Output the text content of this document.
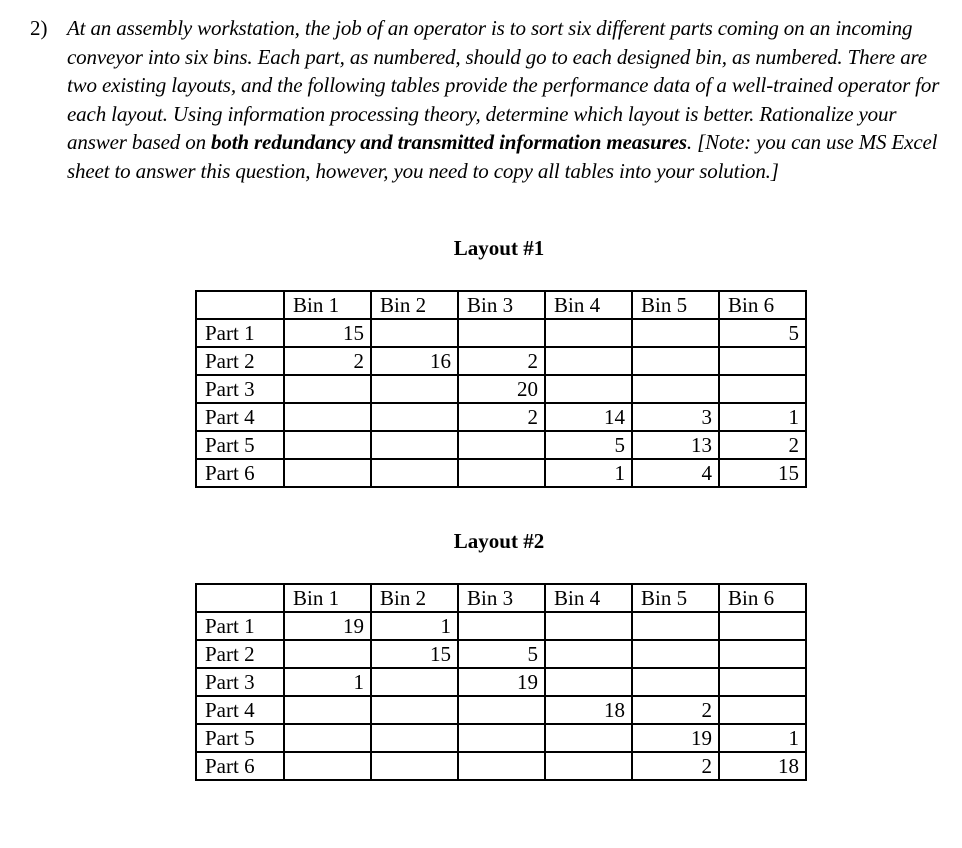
2) At an assembly workstation, the job of an operator is to sort six different parts coming on an incoming conveyor into six bins. Each part, as numbered, should go to each designed bin, as numbered. There are two existing layouts, and the following tables provide the performance data of a well-trained operator for each layout. Using information processing theory, determine which layout is better. Rationalize your answer based on both redundancy and transmitted information measures. [Note: you can use MS Excel sheet to answer this question, however, you need to copy all tables into your solution.]
Layout #1
	Bin 1	Bin 2	Bin 3	Bin 4	Bin 5	Bin 6
Part 1	15					5
Part 2	2	16	2			
Part 3			20			
Part 4			2	14	3	1
Part 5				5	13	2
Part 6				1	4	15
Layout #2
	Bin 1	Bin 2	Bin 3	Bin 4	Bin 5	Bin 6
Part 1	19	1				
Part 2		15	5			
Part 3	1		19			
Part 4				18	2	
Part 5					19	1
Part 6					2	18
